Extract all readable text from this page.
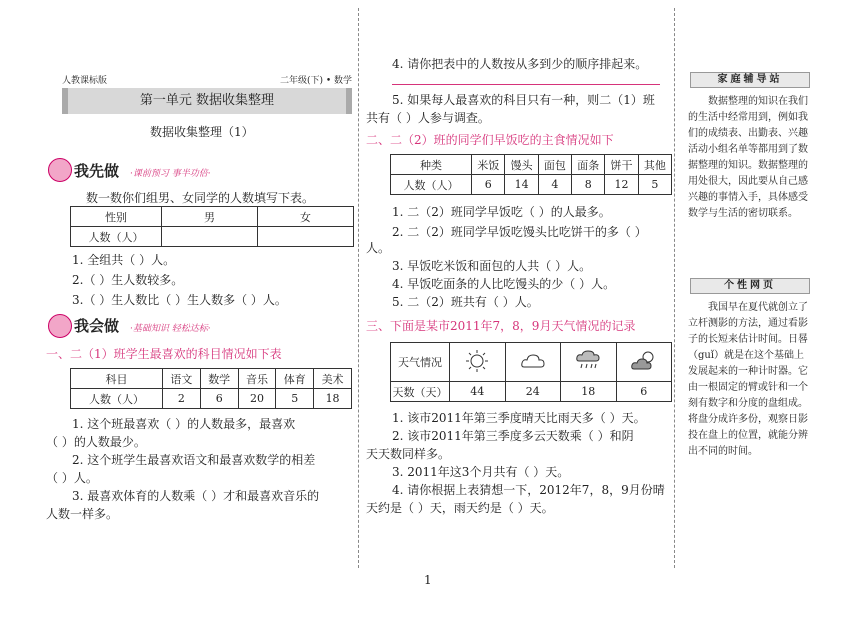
人教课标版	二年级(下) • 数学
第一单元 数据收集整理
数据收集整理（1）
我先做 ·课前预习 事半功倍·
数一数你们组男、女同学的人数填写下表。
性别	男	女
人数（人）		
1. 全组共（ ）人。
2.（ ）生人数较多。
3.（ ）生人数比（ ）生人数多（ ）人。
我会做 ·基础知识 轻松达标·
一、二（1）班学生最喜欢的科目情况如下表
科目	语文	数学	音乐	体育	美术
人数（人）	2	6	20	5	18
1. 这个班最喜欢（ ）的人数最多，最喜欢
（ ）的人数最少。
2. 这个班学生最喜欢语文和最喜欢数学的相差
（ ）人。
3. 最喜欢体育的人数乘（ ）才和最喜欢音乐的
人数一样多。
4. 请你把表中的人数按从多到少的顺序排起来。
5. 如果每人最喜欢的科目只有一种，则二（1）班
共有（ ）人参与调查。
二、二（2）班的同学们早饭吃的主食情况如下
种类	米饭	馒头	面包	面条	饼干	其他
人数（人）	6	14	4	8	12	5
1. 二（2）班同学早饭吃（ ）的人最多。
2. 二（2）班同学早饭吃馒头比吃饼干的多（ ）
人。
3. 早饭吃米饭和面包的人共（ ）人。
4. 早饭吃面条的人比吃馒头的少（ ）人。
5. 二（2）班共有（ ）人。
三、下面是某市2011年7，8，9月天气情况的记录
天气情况				
天数（天）	44	24	18	6
1. 该市2011年第三季度晴天比雨天多（ ）天。
2. 该市2011年第三季度多云天数乘（ ）和阴
天天数同样多。
3. 2011年这3个月共有（ ）天。
4. 请你根据上表猜想一下，2012年7，8，9月份晴
天约是（ ）天，雨天约是（ ）天。
家庭辅导站
数据整理的知识在我们的生活中经常用到，例如我们的成绩表、出勤表、兴趣活动小组名单等都用到了数据整理的知识。数据整理的用处很大，因此要从自己感兴趣的事情入手，具体感受数学与生活的密切联系。
个性网页
我国早在夏代就创立了立杆测影的方法，通过看影子的长短来估计时间。日晷（guǐ）就是在这个基础上发展起来的一种计时器。它由一根固定的臂或针和一个刻有数字和分度的盘组成。将盘分成许多份，观察日影投在盘上的位置，就能分辨出不同的时间。
1
